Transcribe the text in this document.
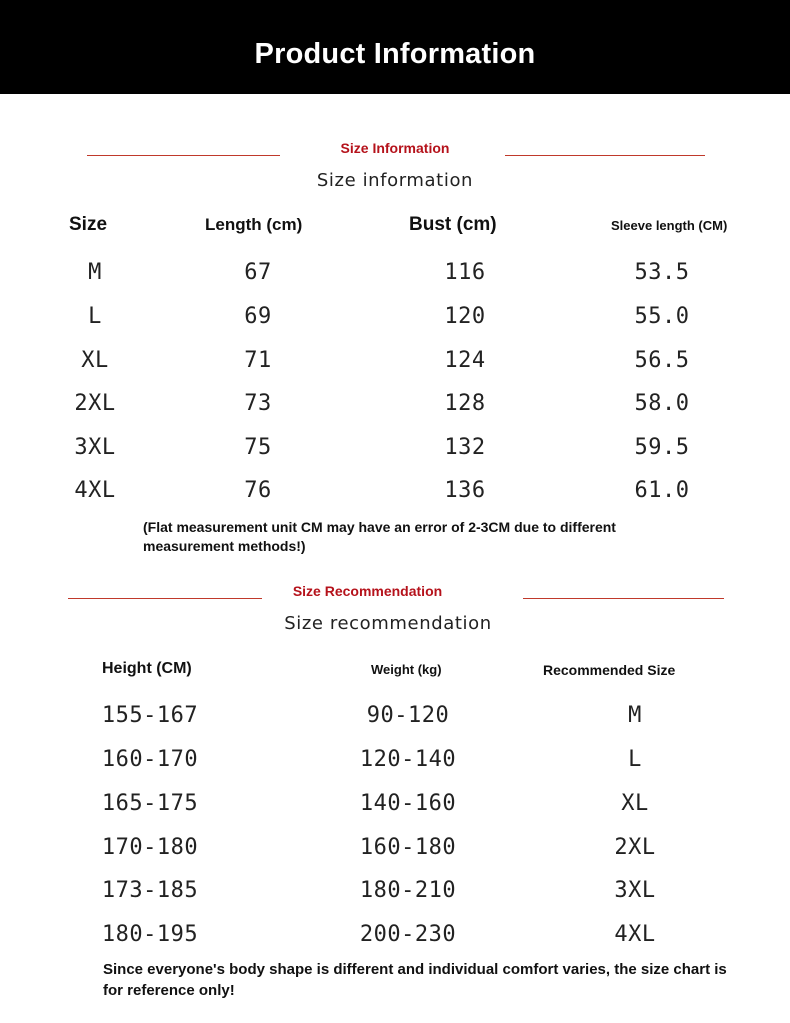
Product Information
Size Information
Size information
Size	Length (cm)	Bust (cm)	Sleeve length (CM)
M	67	116	53.5
L	69	120	55.0
XL	71	124	56.5
2XL	73	128	58.0
3XL	75	132	59.5
4XL	76	136	61.0
(Flat measurement unit CM may have an error of 2-3CM due to different measurement methods!)
Size Recommendation
Size recommendation
Height (CM)	Weight (kg)	Recommended Size
155-167	90-120	M
160-170	120-140	L
165-175	140-160	XL
170-180	160-180	2XL
173-185	180-210	3XL
180-195	200-230	4XL
Since everyone's body shape is different and individual comfort varies, the size chart is for reference only!
